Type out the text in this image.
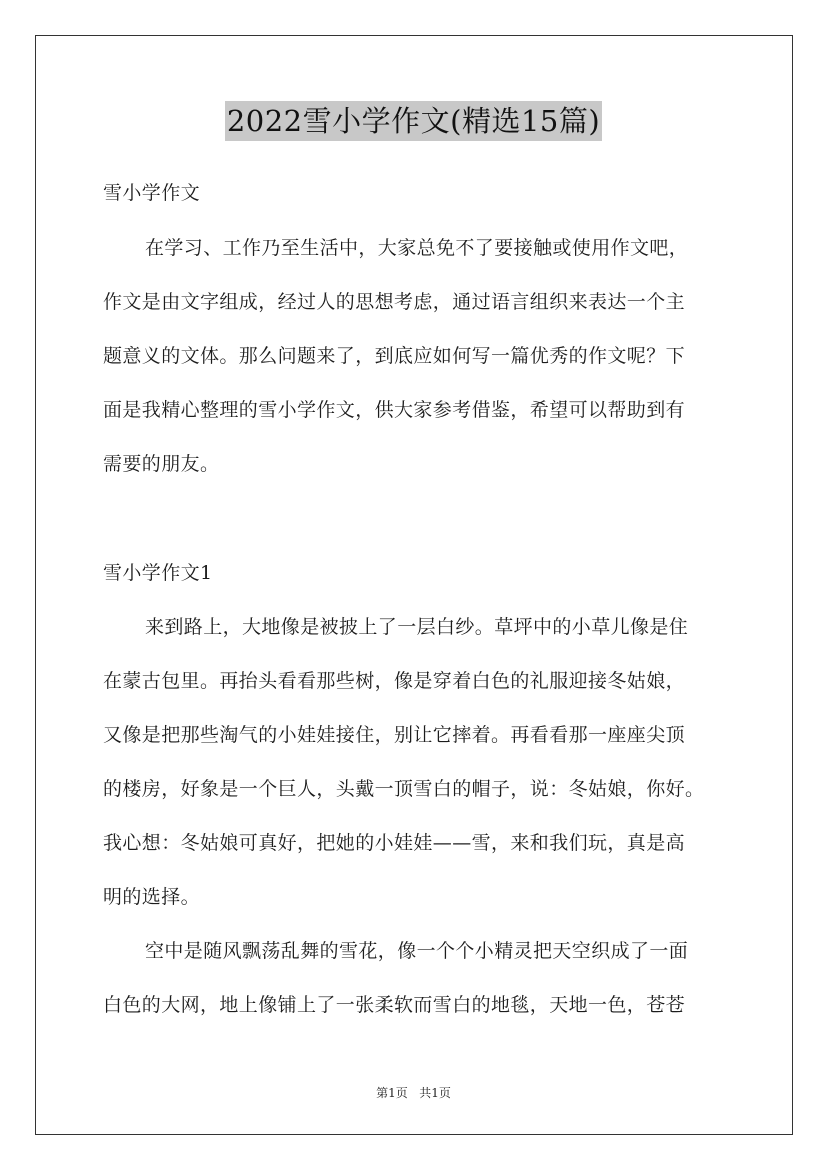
2022雪小学作文(精选15篇)
雪小学作文
在学习、工作乃至生活中，大家总免不了要接触或使用作文吧，
作文是由文字组成，经过人的思想考虑，通过语言组织来表达一个主
题意义的文体。那么问题来了，到底应如何写一篇优秀的作文呢？下
面是我精心整理的雪小学作文，供大家参考借鉴，希望可以帮助到有
需要的朋友。
雪小学作文1
来到路上，大地像是被披上了一层白纱。草坪中的小草儿像是住
在蒙古包里。再抬头看看那些树，像是穿着白色的礼服迎接冬姑娘，
又像是把那些淘气的小娃娃接住，别让它摔着。再看看那一座座尖顶
的楼房，好象是一个巨人，头戴一顶雪白的帽子，说：冬姑娘，你好。
我心想：冬姑娘可真好，把她的小娃娃——雪，来和我们玩，真是高
明的选择。
空中是随风飘荡乱舞的雪花，像一个个小精灵把天空织成了一面
白色的大网，地上像铺上了一张柔软而雪白的地毯，天地一色，苍苍
第1页   共1页
